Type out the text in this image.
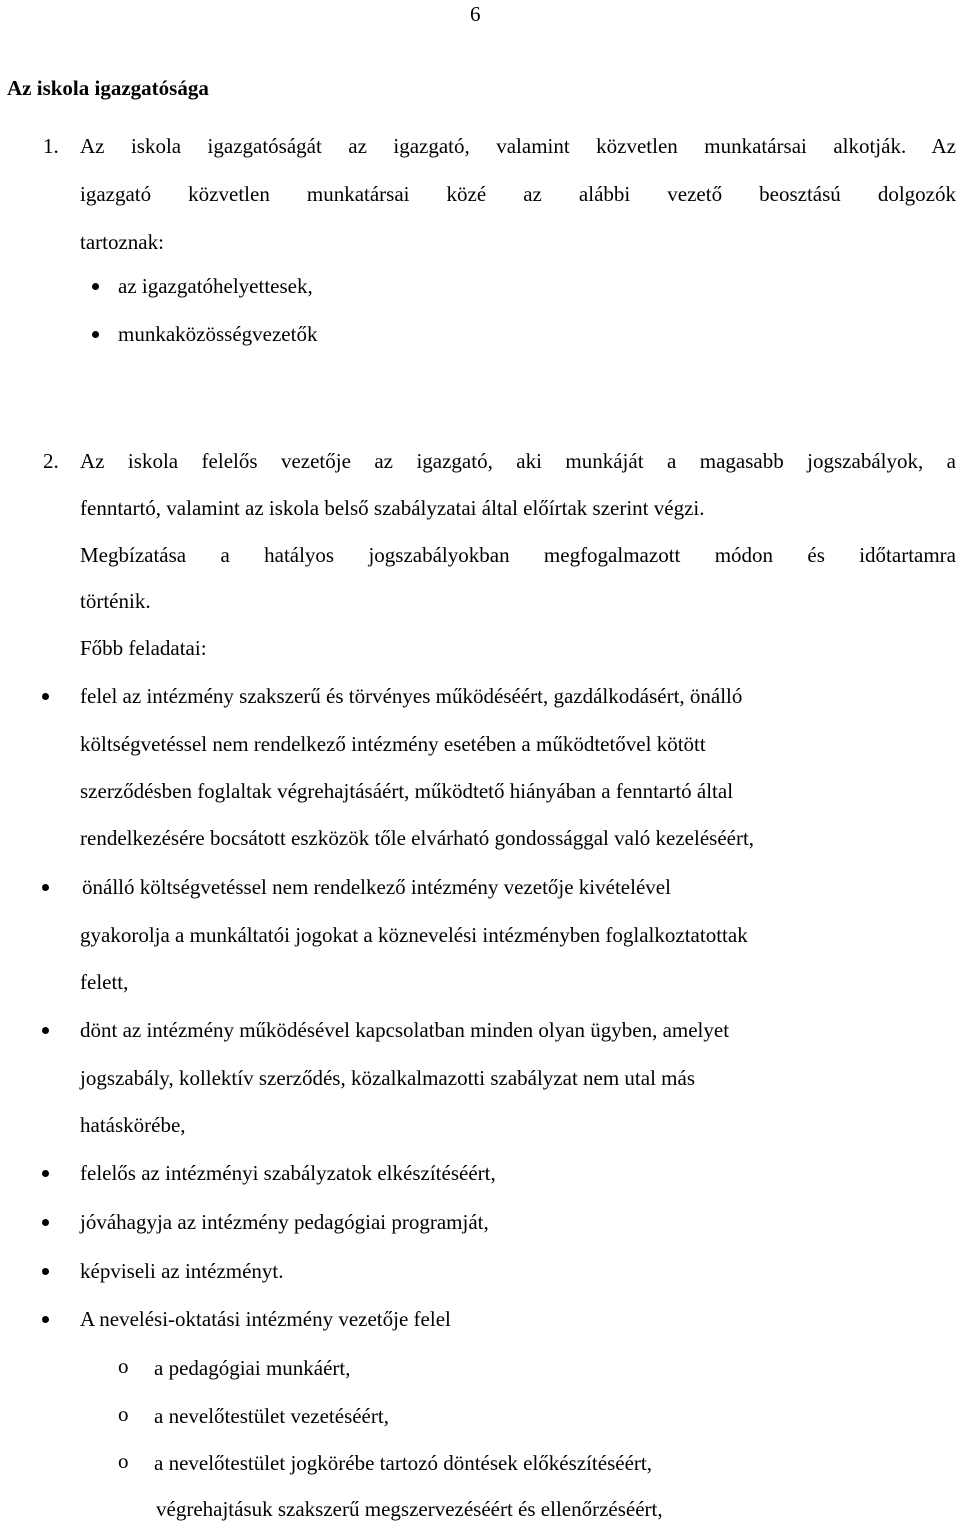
6
Az iskola igazgatósága
1. Az iskola igazgatóságát az igazgató, valamint közvetlen munkatársai alkotják. Az
igazgató közvetlen munkatársai közé az alábbi vezető beosztású dolgozók
tartoznak:
az igazgatóhelyettesek,
munkaközösségvezetők
2. Az iskola felelős vezetője az igazgató, aki munkáját a magasabb jogszabályok, a
fenntartó, valamint az iskola belső szabályzatai által előírtak szerint végzi.
Megbízatása a hatályos jogszabályokban megfogalmazott módon és időtartamra
történik.
Főbb feladatai:
felel az intézmény szakszerű és törvényes működéséért, gazdálkodásért, önálló
költségvetéssel nem rendelkező intézmény esetében a működtetővel kötött
szerződésben foglaltak végrehajtásáért, működtető hiányában a fenntartó által
rendelkezésére bocsátott eszközök tőle elvárható gondossággal való kezeléséért,
önálló költségvetéssel nem rendelkező intézmény vezetője kivételével
gyakorolja a munkáltatói jogokat a köznevelési intézményben foglalkoztatottak
felett,
dönt az intézmény működésével kapcsolatban minden olyan ügyben, amelyet
jogszabály, kollektív szerződés, közalkalmazotti szabályzat nem utal más
hatáskörébe,
felelős az intézményi szabályzatok elkészítéséért,
jóváhagyja az intézmény pedagógiai programját,
képviseli az intézményt.
A nevelési-oktatási intézmény vezetője felel
o a pedagógiai munkáért,
o a nevelőtestület vezetéséért,
o a nevelőtestület jogkörébe tartozó döntések előkészítéséért,
végrehajtásuk szakszerű megszervezéséért és ellenőrzéséért,
